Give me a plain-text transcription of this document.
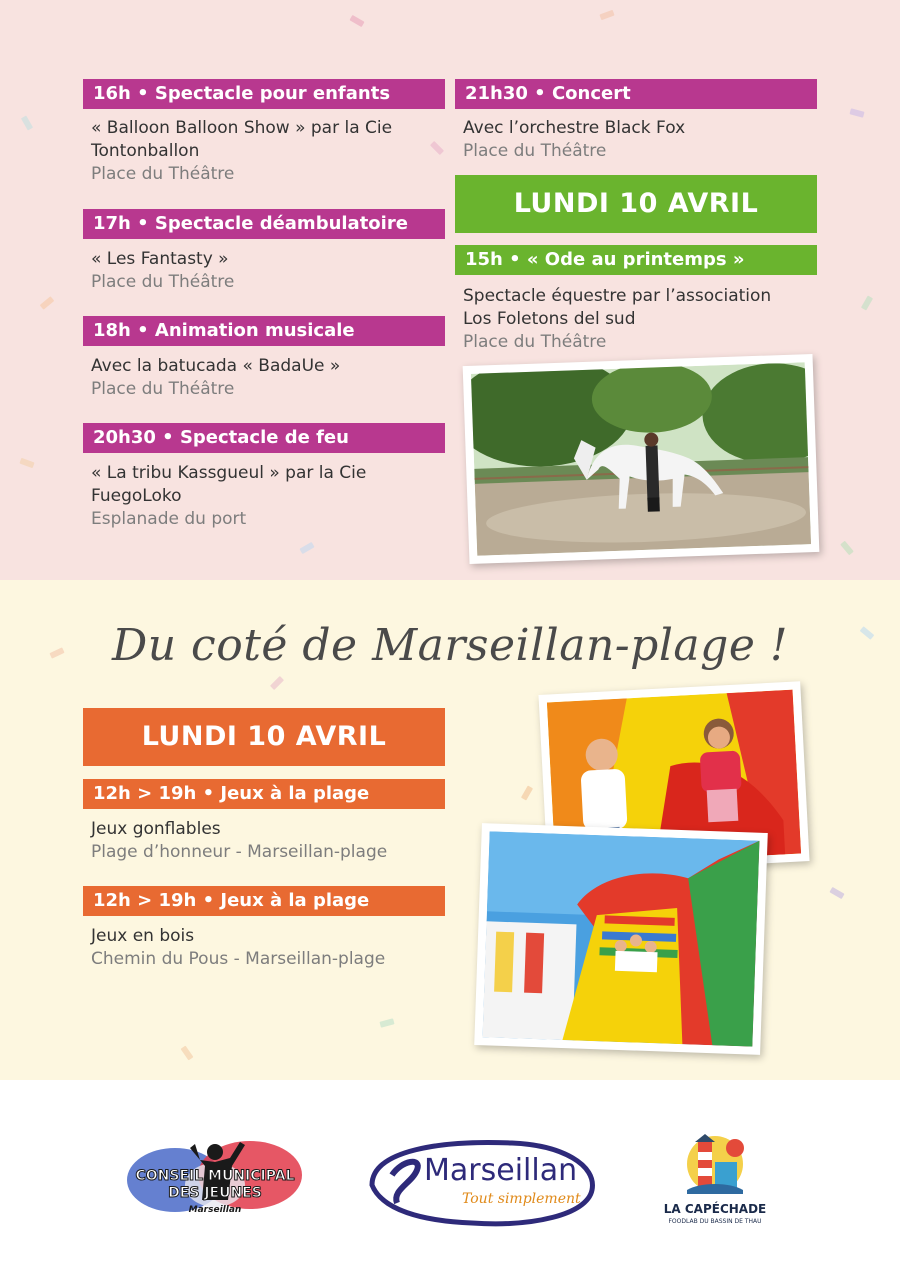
16h • Spectacle pour enfants
« Balloon Balloon Show » par la Cie
Tontonballon
Place du Théâtre
17h • Spectacle déambulatoire
« Les Fantasty »
Place du Théâtre
18h • Animation musicale
Avec la batucada « BadaUe »
Place du Théâtre
20h30 • Spectacle de feu
« La tribu Kassgueul » par la Cie
FuegoLoko
Esplanade du port
21h30 • Concert
Avec l’orchestre Black Fox
Place du Théâtre
LUNDI 10 AVRIL
15h • « Ode au printemps »
Spectacle équestre par l’association
Los Foletons del sud
Place du Théâtre
Du coté de Marseillan-plage !
LUNDI 10 AVRIL
12h > 19h • Jeux à la plage
Jeux gonflables
Plage d’honneur - Marseillan-plage
12h > 19h • Jeux à la plage
Jeux en bois
Chemin du Pous - Marseillan-plage
CONSEIL MUNICIPAL
DES JEUNES
Marseillan
Marseillan
Tout simplement
LA CAPÉCHADE
FOODLAB DU BASSIN DE THAU
